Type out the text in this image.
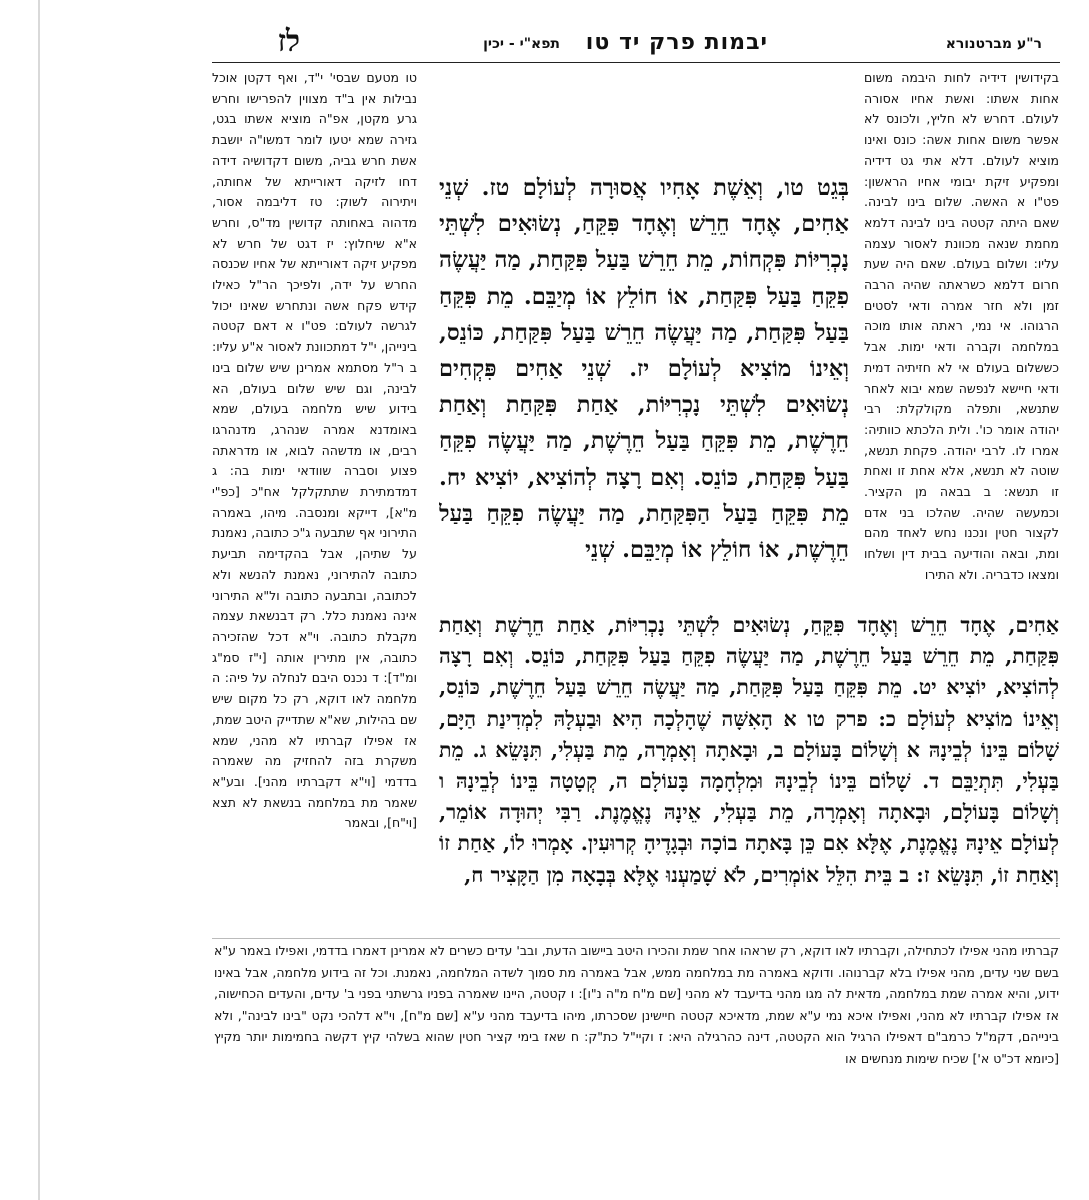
ר"ע מברטנורא
יבמות פרק יד טו
תפא"י - יכין
לז
בקידושין דידיה לחות היבמה משום אחות אשתו: ואשת אחיו אסורה לעולם. דחרש לא חליץ, ולכונס לא אפשר משום אחות אשה: כונס ואינו מוציא לעולם. דלא אתי גט דידיה ומפקיע זיקת יבומי אחיו הראשון: פט"ו א האשה. שלום בינו לבינה. שאם היתה קטטה בינו לבינה דלמא מחמת שנאה מכוונת לאסור עצמה עליו: ושלום בעולם. שאם היה שעת חרום דלמא כשראתה שהיה הרבה זמן ולא חזר אמרה ודאי לסטים הרגוהו. אי נמי, ראתה אותו מוכה במלחמה וקברה ודאי ימות. אבל כששלום בעולם אי לא חזיתיה דמית ודאי חיישא לנפשה שמא יבוא לאחר שתנשא, ותפלה מקולקלת: רבי יהודה אומר כו'. ולית הלכתא כוותיה: אמרו לו. לרבי יהודה. פקחת תנשא, שוטה לא תנשא, אלא אחת זו ואחת זו תנשא: ב בבאה מן הקציר. וכמעשה שהיה. שהלכו בני אדם לקצור חטין ונכנו נחש לאחד מהם ומת, ובאה והודיעה בבית דין ושלחו ומצאו כדבריה. ולא התירו
בְּגֵט טו, וְאֵשֶׁת אָחִיו אֲסוּרָה לְעוֹלָם טז. שְׁנֵי אַחִים, אֶחָד חֵרֵשׁ וְאֶחָד פִּקֵּחַ, נְשׂוּאִים לִשְׁתֵּי נָכְרִיּוֹת פִּקְחוֹת, מֵת חֵרֵשׁ בַּעַל פִּקַּחַת, מַה יַּעֲשֶׂה פִקֵּחַ בַּעַל פִּקַּחַת, אוֹ חוֹלֵץ אוֹ מְיַבֵּם. מֵת פִּקֵּחַ בַּעַל פִּקַּחַת, מַה יַּעֲשֶׂה חֵרֵשׁ בַּעַל פִּקַּחַת, כּוֹנֵס, וְאֵינוֹ מוֹצִיא לְעוֹלָם יז. שְׁנֵי אַחִים פִּקְחִים נְשׂוּאִים לִשְׁתֵּי נָכְרִיּוֹת, אַחַת פִּקַּחַת וְאַחַת חֵרֶשֶׁת, מֵת פִּקֵּחַ בַּעַל חֵרֶשֶׁת, מַה יַּעֲשֶׂה פִקֵּחַ בַּעַל פִּקַּחַת, כּוֹנֵס. וְאִם רָצָה לְהוֹצִיא, יוֹצִיא יח. מֵת פִּקֵּחַ בַּעַל הַפִּקַּחַת, מַה יַּעֲשֶׂה פִקֵּחַ בַּעַל חֵרֶשֶׁת, אוֹ חוֹלֵץ אוֹ מְיַבֵּם. שְׁנֵי
טו מטעם שבסי' י"ד, ואף דקטן אוכל נבילות אין ב"ד מצווין להפרישו וחרש גרע מקטן, אפ"ה מוציא אשתו בגט, גזירה שמא יטעו לומר דמשו"ה יושבת אשת חרש גביה, משום דקדושיה דידה דחו לזיקה דאורייתא של אחותה, ויתירוה לשוק: טז דליבמה אסור, מדהוה באחותה קדושין מד"ס, וחרש א"א שיחלוץ: יז דגט של חרש לא מפקיע זיקה דאורייתא של אחיו שכנסה החרש על ידה, ולפיכך הר"ל כאילו קידש פקח אשה ונתחרש שאינו יכול לגרשה לעולם: פט"ו א דאם קטטה בינייהן, י"ל דמתכוונת לאסור א"ע עליו: ב ר"ל מסתמא אמרינן שיש שלום בינו לבינה, וגם שיש שלום בעולם, הא בידוע שיש מלחמה בעולם, שמא באומדנא אמרה שנהרג, מדנהרגו רבים, או מדשהה לבוא, או מדראתה פצוע וסברה שוודאי ימות בה: ג דמדמתירת שתתקלקל אח"כ [כפ"י מ"א], דייקא ומנסבה. מיהו, באמרה התירוני אף שתבעה ג"כ כתובה, נאמנת על שתיהן, אבל בהקדימה תביעת כתובה להתירוני, נאמנת להנשא ולא לכתובה, ובתבעה כתובה ול"א התירוני אינה נאמנת כלל. רק דבנשאת עצמה מקבלת כתובה. וי"א דכל שהזכירה כתובה, אין מתירין אותה [י"ז סמ"ג ומ"ד]: ד נכנס היבם לנחלה על פיה: ה מלחמה לאו דוקא, רק כל מקום שיש שם בהילות, שא"א שתדייק היטב שמת, אז אפילו קברתיו לא מהני, שמא משקרת בזה להחזיק מה שאמרה בדדמי [וי"א דקברתיו מהני]. ובע"א שאמר מת במלחמה בנשאת לא תצא [וי"ח], ובאמר
אַחִים, אֶחָד חֵרֵשׁ וְאֶחָד פִּקֵּחַ, נְשׂוּאִים לִשְׁתֵּי נָכְרִיּוֹת, אַחַת חֵרֶשֶׁת וְאַחַת פִּקַּחַת, מֵת חֵרֵשׁ בַּעַל חֵרֶשֶׁת, מַה יַּעֲשֶׂה פִקֵּחַ בַּעַל פִּקַּחַת, כּוֹנֵס. וְאִם רָצָה לְהוֹצִיא, יוֹצִיא יט. מֵת פִּקֵּחַ בַּעַל פִּקַּחַת, מַה יַּעֲשֶׂה חֵרֵשׁ בַּעַל חֵרֶשֶׁת, כּוֹנֵס, וְאֵינוֹ מוֹצִיא לְעוֹלָם כ: פרק טו א הָאִשָּׁה שֶׁהָלְכָה הִיא וּבַעְלָהּ לִמְדִינַת הַיָּם, שָׁלוֹם בֵּינוֹ לְבֵינָהּ א וְשָׁלוֹם בָּעוֹלָם ב, וּבָאתָה וְאָמְרָה, מֵת בַּעְלִי, תִּנָּשֵׂא ג. מֵת בַּעְלִי, תִּתְיַבֵּם ד. שָׁלוֹם בֵּינוֹ לְבֵינָהּ וּמִלְחָמָה בָּעוֹלָם ה, קְטָטָה בֵּינוֹ לְבֵינָהּ ו וְשָׁלוֹם בָּעוֹלָם, וּבָאתָה וְאָמְרָה, מֵת בַּעְלִי, אֵינָהּ נֶאֱמֶנֶת. רַבִּי יְהוּדָה אוֹמֵר, לְעוֹלָם אֵינָהּ נֶאֱמֶנֶת, אֶלָּא אִם כֵּן בָּאתָה בוֹכָה וּבְגָדֶיהָ קְרוּעִין. אָמְרוּ לוֹ, אַחַת זוֹ וְאַחַת זוֹ, תִּנָּשֵׂא ז: ב בֵּית הִלֵּל אוֹמְרִים, לֹא שָׁמַעְנוּ אֶלָּא בְּבָאָה מִן הַקָּצִיר ח,
קברתיו מהני אפילו לכתחילה, וקברתיו לאו דוקא, רק שראהו אחר שמת והכירו היטב ביישוב הדעת, ובב' עדים כשרים לא אמרינן דאמרו בדדמי, ואפילו באמר ע"א בשם שני עדים, מהני אפילו בלא קברנוהו. ודוקא באמרה מת במלחמה ממש, אבל באמרה מת סמוך לשדה המלחמה, נאמנת. וכל זה בידוע מלחמה, אבל באינו ידוע, והיא אמרה שמת במלחמה, מדאית לה מגו מהני בדיעבד לא מהני [שם מ"ח מ"ה נ"ו]: ו קטטה, היינו שאמרה בפניו גרשתני בפני ב' עדים, והעדים הכחישוה, אז אפילו קברתיו לא מהני, ואפילו איכא נמי ע"א שמת, מדאיכא קטטה חיישינן שסכרתו, מיהו בדיעבד מהני ע"א [שם מ"ח], וי"א דלהכי נקט "בינו לבינה", ולא בינייהם, דקמ"ל כרמב"ם דאפילו הרגיל הוא הקטטה, דינה כהרגילה היא: ז וקיי"ל כת"ק: ח שאז בימי קציר חטין שהוא בשלהי קיץ דקשה בחמימות יותר מקיץ [כיומא דכ"ט א'] שכיח שימות מנחשים או
